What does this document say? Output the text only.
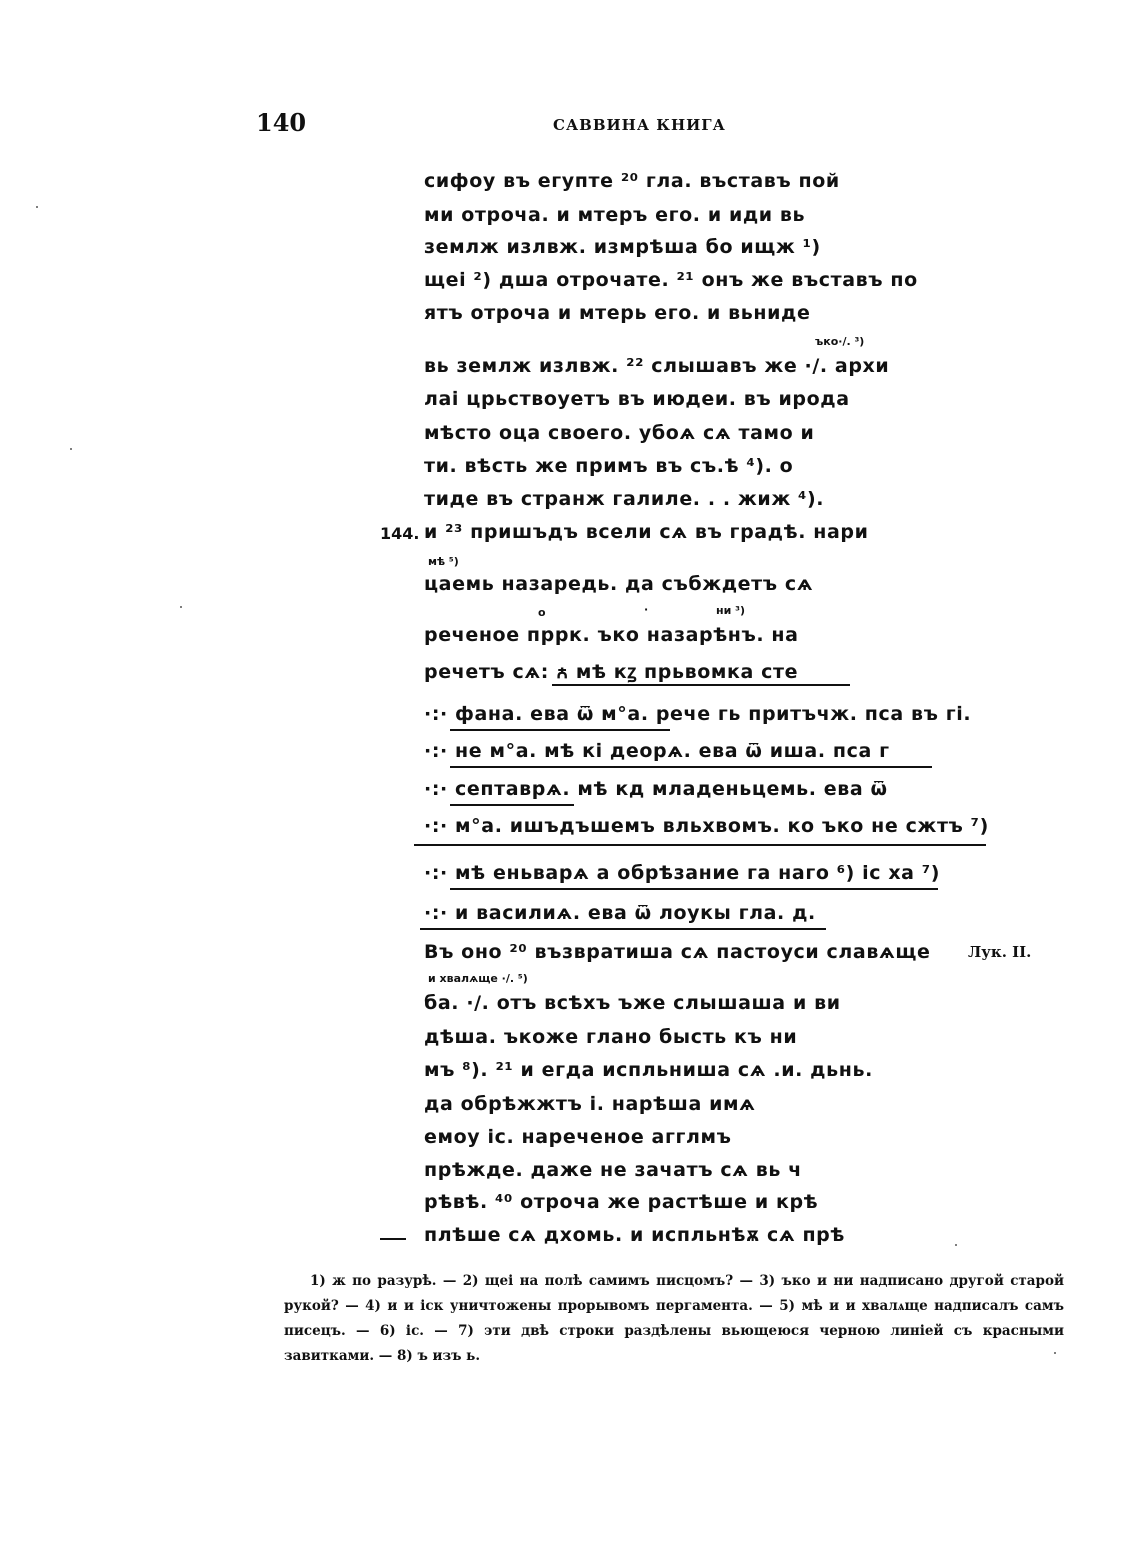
140	САВВИНА КНИГА
сифоу въ егупте ²⁰ гла. въставъ пой
ми отроча. и мтеръ его. и иди вь
землж излвж. измрѣша бо ищж ¹)
щеі ²) дша отрочате. ²¹ онъ же въставъ по
ятъ отроча и мтерь его. и вьниде
ъко·/. ³)
вь землж излвж. ²² слышавъ же ·/. архи
лаі црьствоуетъ въ июдеи. въ ирода
мѣсто оца своего. убоѧ сѧ тамо и
ти. вѣсть же примъ въ съ.ѣ ⁴). о
тиде въ странж галиле. . . жиж ⁴).
144. и ²³ пришъдъ всели сѧ въ градѣ. нари
мѣ ⁵)
цаемь назаредь. да събждетъ сѧ
о	·	ни ³)
реченое пррк. ъко назарѣнъ. на
речетъ сѧ: ꙉ мѣ кꙁ прьвомка сте
·:· фана. ева ѿ м°а. рече гь притъчж. пса въ гі.
·:· не м°а. мѣ кі деорѧ. ева ѿ иша. пса г
·:· септаврѧ. мѣ кд младеньцемь. ева ѿ
·:· м°а. ишъдъшемъ вльхвомъ. ко ъко не сжтъ ⁷)
·:· мѣ еньварѧ а обрѣзание га наго ⁶) ic ха ⁷)
·:· и василиѧ. ева ѿ лоукы гла. д.
Въ оно ²⁰ възвратиша сѧ пастоуси славѧще	Лук. II.
и хвалѧще ·/. ⁵)
ба. ·/. отъ всѣхъ ъже слышаша и ви
дѣша. ъкоже глано бысть къ ни
мъ ⁸). ²¹ и егда испльниша сѧ .и. дьнь.
да обрѣжжтъ і. нарѣша имѧ
емоу іс. нареченое агглмъ
прѣжде. даже не зачатъ сѧ вь ч
рѣвѣ. ⁴⁰ отроча же растѣше и крѣ
плѣше сѧ дхомь. и испльнѣѫ сѧ прѣ
1) ж по разурѣ. — 2) щеі на полѣ самимъ писцомъ? — 3) ъко и ни надписано другой старой рукой? — 4) и и іск уничтожены прорывомъ пергамента. — 5) мѣ и и хвалѧще надписалъ самъ писецъ. — 6) ic. — 7) эти двѣ строки раздѣлены вьющеюся черною линіей съ красными завитками. — 8) ъ изъ ь.
